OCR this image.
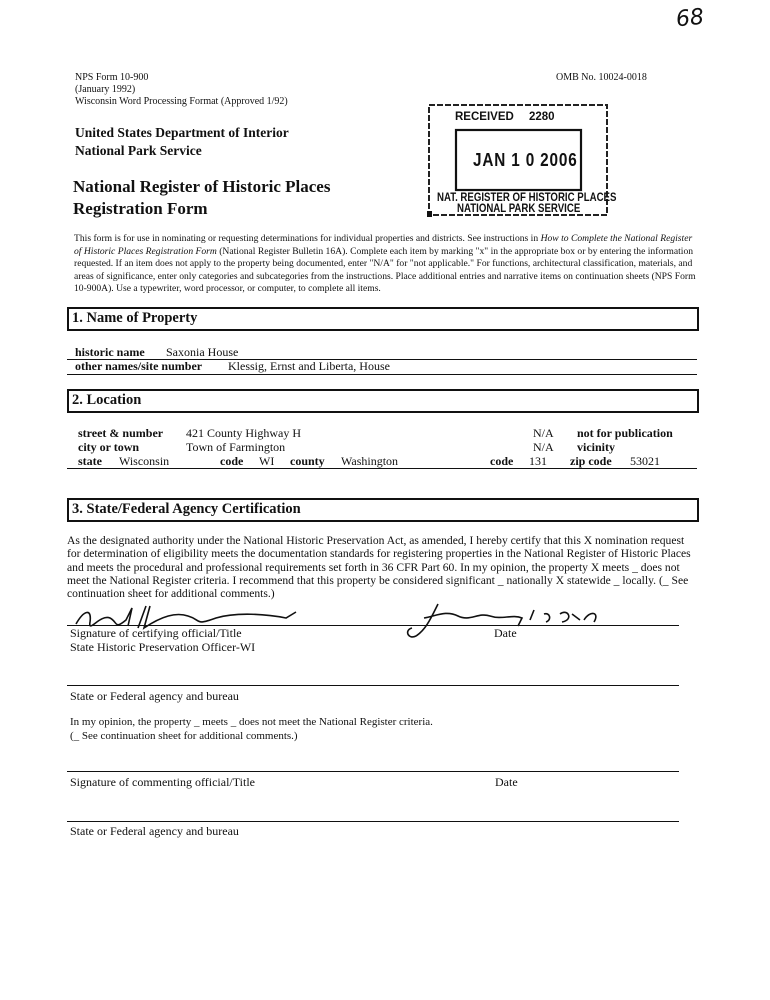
68
NPS Form 10-900
(January 1992)
Wisconsin Word Processing Format (Approved 1/92)
OMB No. 10024-0018
United States Department of Interior
National Park Service
National Register of Historic Places
Registration Form
RECEIVED 2280
JAN 1 0 2006
NAT. REGISTER OF HISTORIC PLACES
NATIONAL PARK SERVICE
This form is for use in nominating or requesting determinations for individual properties and districts. See instructions in How to Complete the National Register of Historic Places Registration Form (National Register Bulletin 16A). Complete each item by marking "x" in the appropriate box or by entering the information requested. If an item does not apply to the property being documented, enter "N/A" for "not applicable." For functions, architectural classification, materials, and areas of significance, enter only categories and subcategories from the instructions. Place additional entries and narrative items on continuation sheets (NPS Form 10-900A). Use a typewriter, word processor, or computer, to complete all items.
1. Name of Property
historic name Saxonia House
other names/site number Klessig, Ernst and Liberta, House
2. Location
street & number 421 County Highway H	N/A not for publication
city or town	Town of Farmington	N/A vicinity
state Wisconsin	code WI county Washington	code 131 zip code 53021
3. State/Federal Agency Certification
As the designated authority under the National Historic Preservation Act, as amended, I hereby certify that this X nomination request for determination of eligibility meets the documentation standards for registering properties in the National Register of Historic Places and meets the procedural and professional requirements set forth in 36 CFR Part 60. In my opinion, the property X meets _ does not meet the National Register criteria. I recommend that this property be considered significant _ nationally X statewide _ locally. (_ See continuation sheet for additional comments.)
Signature of certifying official/Title	Date
State Historic Preservation Officer-WI
State or Federal agency and bureau
In my opinion, the property _ meets _ does not meet the National Register criteria.
(_ See continuation sheet for additional comments.)
Signature of commenting official/Title	Date
State or Federal agency and bureau
